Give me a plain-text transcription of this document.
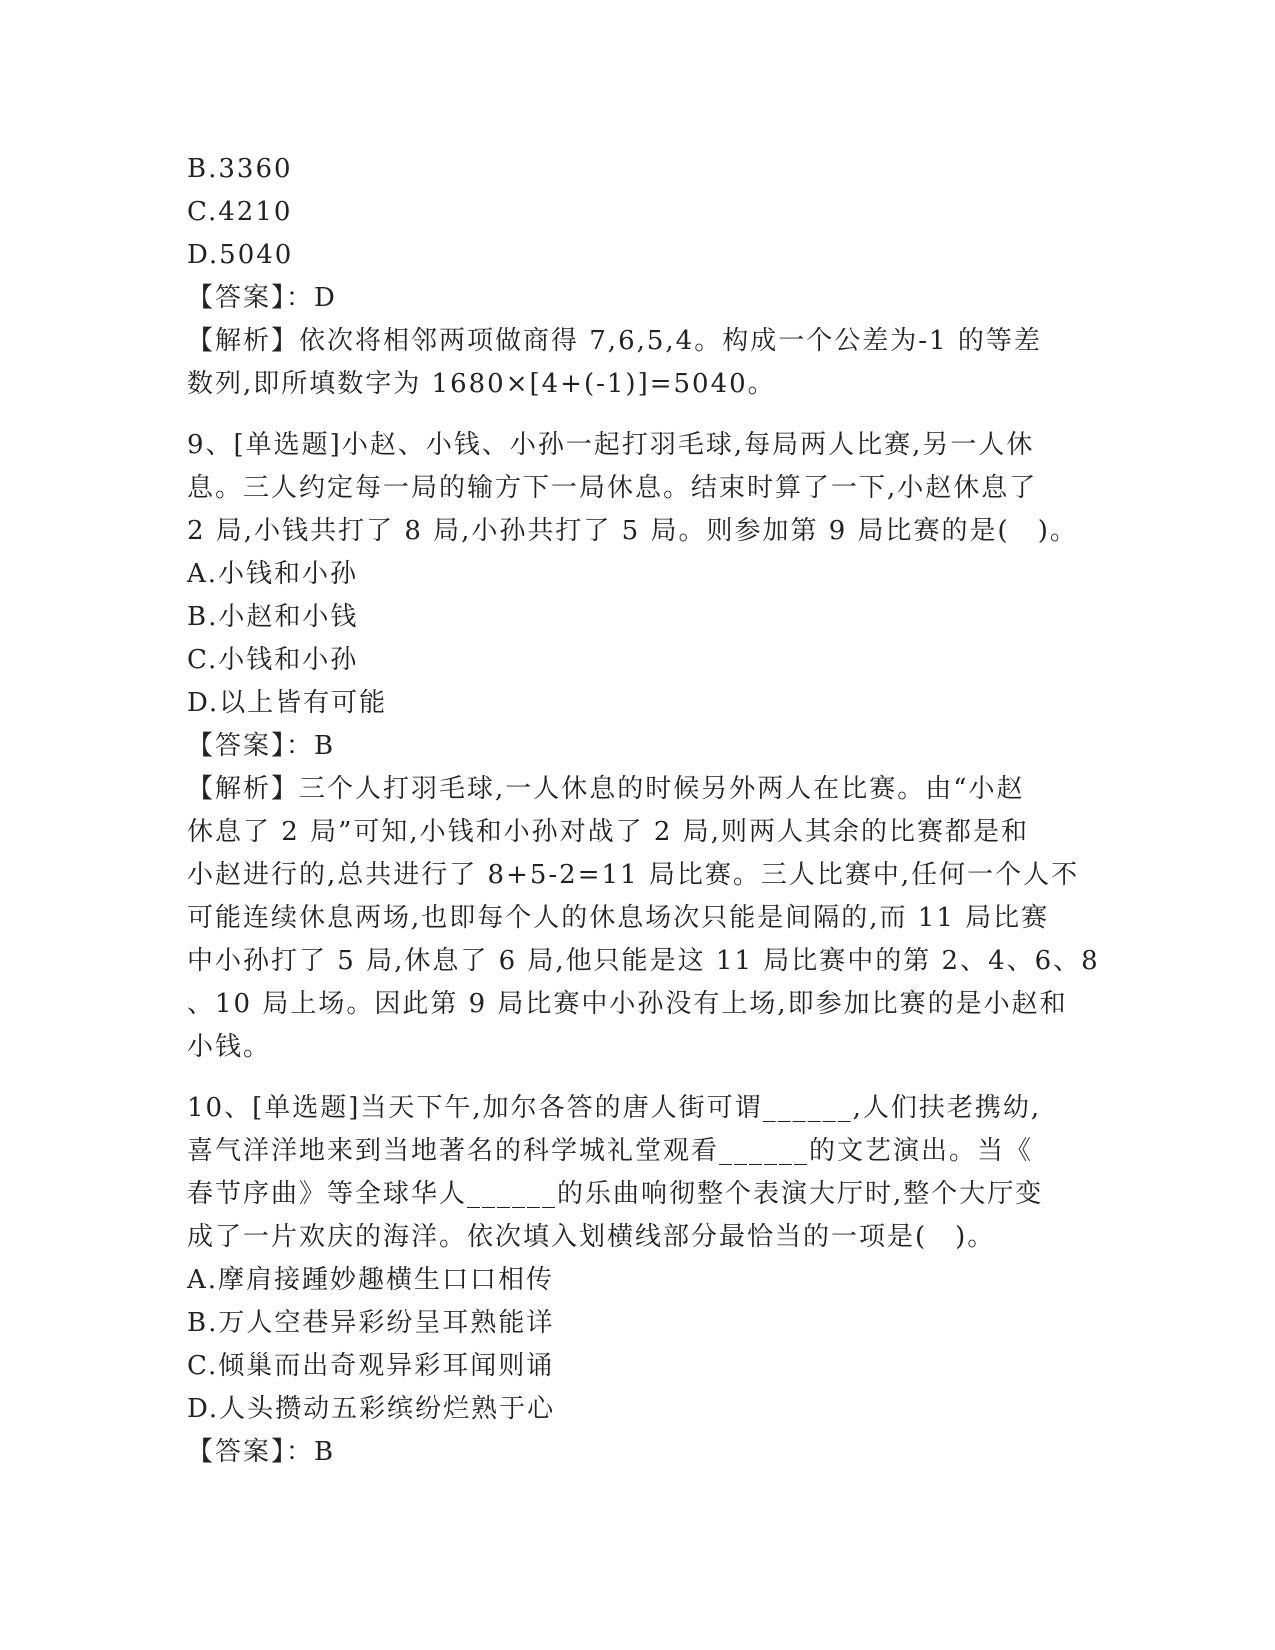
B.3360
C.4210
D.5040
【答案】：D
【解析】依次将相邻两项做商得 7,6,5,4。构成一个公差为-1 的等差
数列,即所填数字为 1680×[4+(-1)]=5040。
9、[单选题]小赵、小钱、小孙一起打羽毛球,每局两人比赛,另一人休
息。三人约定每一局的输方下一局休息。结束时算了一下,小赵休息了
2 局,小钱共打了 8 局,小孙共打了 5 局。则参加第 9 局比赛的是(　)。
A.小钱和小孙
B.小赵和小钱
C.小钱和小孙
D.以上皆有可能
【答案】：B
【解析】三个人打羽毛球,一人休息的时候另外两人在比赛。由“小赵
休息了 2 局”可知,小钱和小孙对战了 2 局,则两人其余的比赛都是和
小赵进行的,总共进行了 8+5-2=11 局比赛。三人比赛中,任何一个人不
可能连续休息两场,也即每个人的休息场次只能是间隔的,而 11 局比赛
中小孙打了 5 局,休息了 6 局,他只能是这 11 局比赛中的第 2、4、6、8
、10 局上场。因此第 9 局比赛中小孙没有上场,即参加比赛的是小赵和
小钱。
10、[单选题]当天下午,加尔各答的唐人街可谓______,人们扶老携幼,
喜气洋洋地来到当地著名的科学城礼堂观看______的文艺演出。当《
春节序曲》等全球华人______的乐曲响彻整个表演大厅时,整个大厅变
成了一片欢庆的海洋。依次填入划横线部分最恰当的一项是(　)。
A.摩肩接踵妙趣横生口口相传
B.万人空巷异彩纷呈耳熟能详
C.倾巢而出奇观异彩耳闻则诵
D.人头攒动五彩缤纷烂熟于心
【答案】：B
